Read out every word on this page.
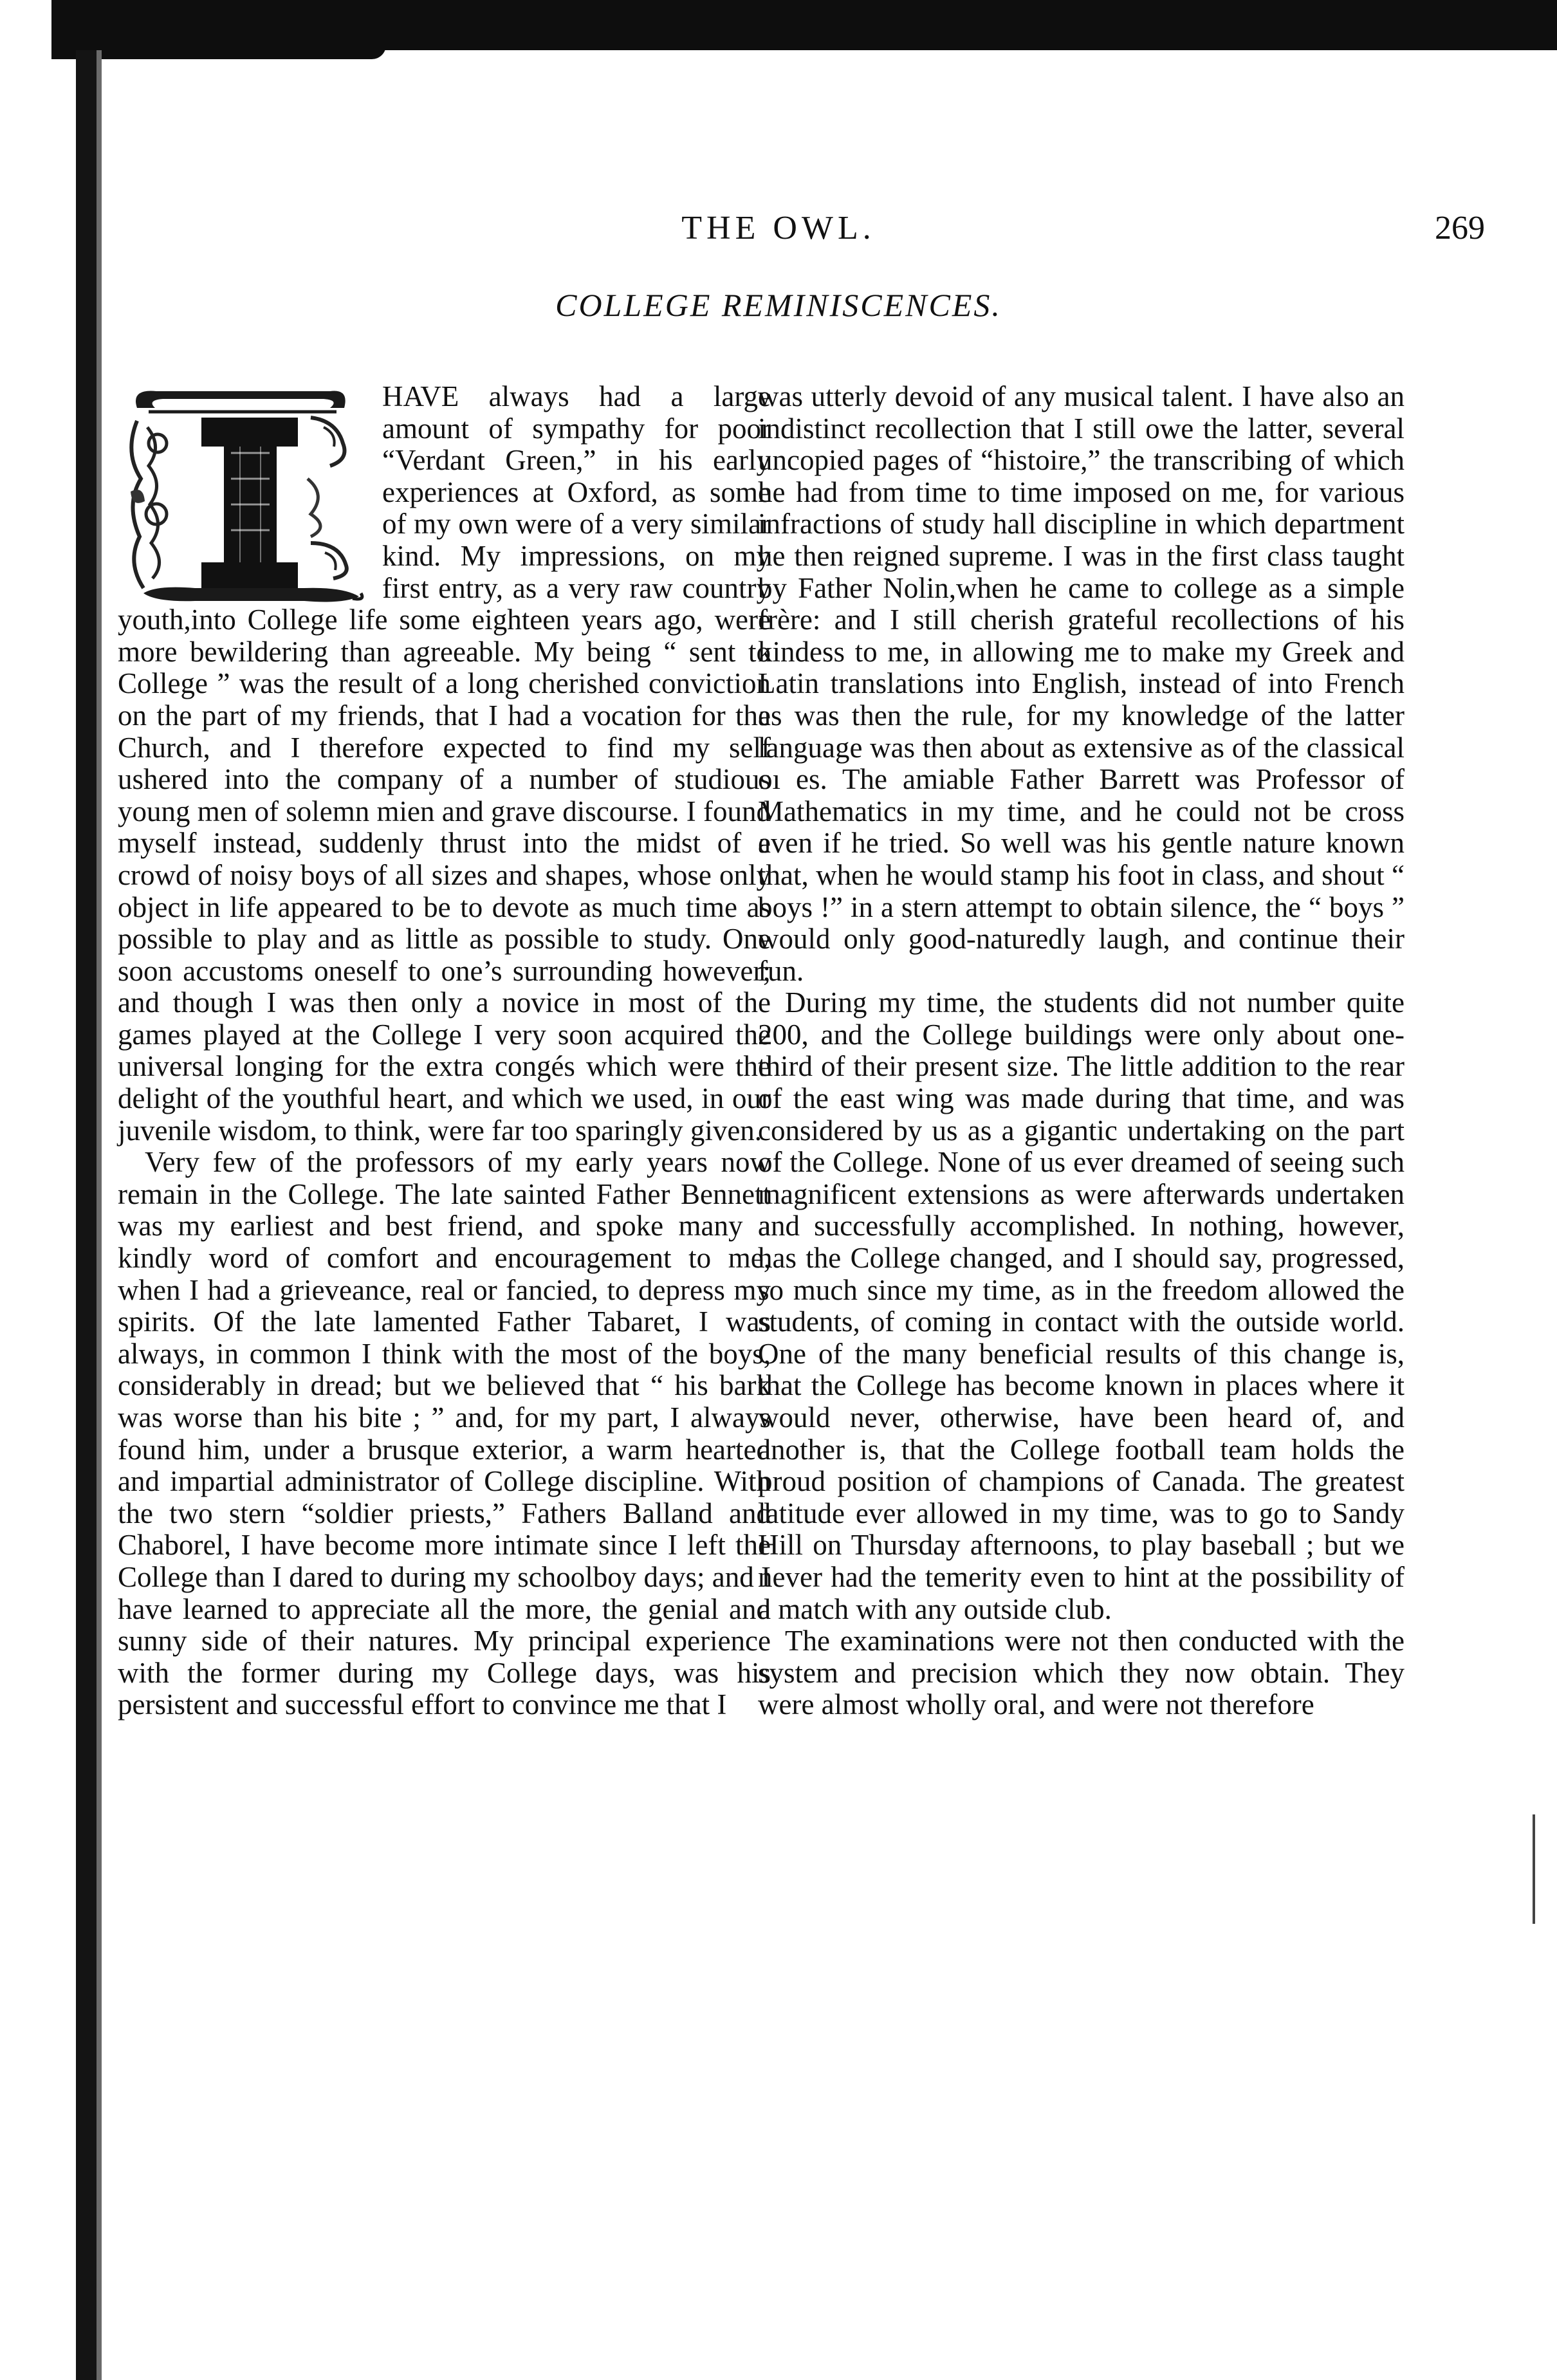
THE OWL.	269
COLLEGE REMINISCENCES.

HAVE always had a large amount of sympathy for poor “Verdant Green,” in his early experiences at Oxford, as some of my own were of a very similar kind. My impressions, on my first entry, as a very raw country youth,into College life some eighteen years ago, were more bewildering than agreeable. My being “ sent to College ” was the result of a long cherished conviction on the part of my friends, that I had a vocation for the Church, and I therefore expected to find my self ushered into the company of a number of studious young men of solemn mien and grave discourse. I found myself instead, suddenly thrust into the midst of a crowd of noisy boys of all sizes and shapes, whose only object in life appeared to be to devote as much time as possible to play and as little as possible to study. One soon accustoms oneself to one’s surrounding however; and though I was then only a novice in most of the games played at the College I very soon acquired the universal longing for the extra congés which were the delight of the youthful heart, and which we used, in our juvenile wisdom, to think, were far too sparingly given.

Very few of the professors of my early years now remain in the College. The late sainted Father Bennett was my earliest and best friend, and spoke many a kindly word of comfort and encouragement to me, when I had a grieveance, real or fancied, to depress my spirits. Of the late lamented Father Tabaret, I was always, in common I think with the most of the boys, considerably in dread; but we believed that “ his bark was worse than his bite ; ” and, for my part, I always found him, under a brusque exterior, a warm hearted and impartial administrator of College discipline. With the two stern “soldier priests,” Fathers Balland and Chaborel, I have become more intimate since I left the College than I dared to during my schoolboy days; and I have learned to appreciate all the more, the genial and sunny side of their natures. My principal experience with the former during my College days, was his persistent and successful effort to convince me that I

was utterly devoid of any musical talent. I have also an indistinct recollection that I still owe the latter, several uncopied pages of “histoire,” the transcribing of which he had from time to time imposed on me, for various infractions of study hall discipline in which department he then reigned supreme. I was in the first class taught by Father Nolin,when he came to college as a simple frère: and I still cherish grateful recollections of his kindess to me, in allowing me to make my Greek and Latin translations into English, instead of into French as was then the rule, for my knowledge of the latter language was then about as extensive as of the classical oı es. The amiable Father Barrett was Professor of Mathematics in my time, and he could not be cross even if he tried. So well was his gentle nature known that, when he would stamp his foot in class, and shout “ boys !” in a stern attempt to obtain silence, the “ boys ” would only good-naturedly laugh, and continue their fun.

During my time, the students did not number quite 200, and the College buildings were only about one-third of their present size. The little addition to the rear of the east wing was made during that time, and was considered by us as a gigantic undertaking on the part of the College. None of us ever dreamed of seeing such magnificent extensions as were afterwards undertaken and successfully accomplished. In nothing, however, has the College changed, and I should say, progressed, so much since my time, as in the freedom allowed the students, of coming in contact with the outside world. One of the many beneficial results of this change is, that the College has become known in places where it would never, otherwise, have been heard of, and another is, that the College football team holds the proud position of champions of Canada. The greatest latitude ever allowed in my time, was to go to Sandy Hill on Thursday afternoons, to play baseball ; but we never had the temerity even to hint at the possibility of a match with any outside club.

The examinations were not then conducted with the system and precision which they now obtain. They were almost wholly oral, and were not therefore
